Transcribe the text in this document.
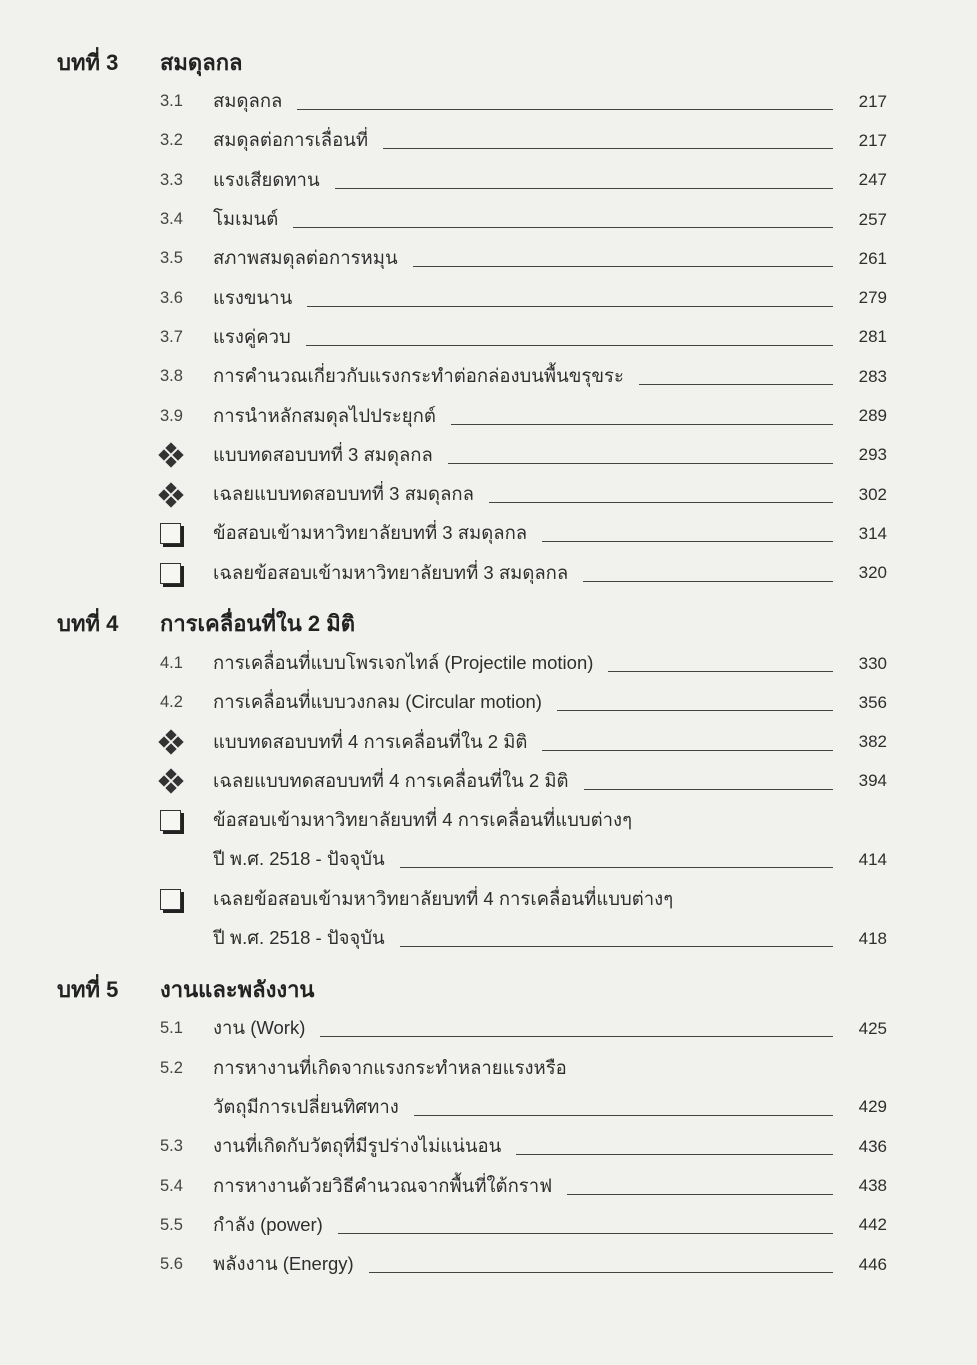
บทที่ 3	สมดุลกล
3.1	สมดุลกล	217
3.2	สมดุลต่อการเลื่อนที่	217
3.3	แรงเสียดทาน	247
3.4	โมเมนต์	257
3.5	สภาพสมดุลต่อการหมุน	261
3.6	แรงขนาน	279
3.7	แรงคู่ควบ	281
3.8	การคำนวณเกี่ยวกับแรงกระทำต่อกล่องบนพื้นขรุขระ	283
3.9	การนำหลักสมดุลไปประยุกต์	289
แบบทดสอบบทที่ 3 สมดุลกล	293
เฉลยแบบทดสอบบทที่ 3 สมดุลกล	302
ข้อสอบเข้ามหาวิทยาลัยบทที่ 3 สมดุลกล	314
เฉลยข้อสอบเข้ามหาวิทยาลัยบทที่ 3 สมดุลกล	320
บทที่ 4	การเคลื่อนที่ใน 2 มิติ
4.1	การเคลื่อนที่แบบโพรเจกไทล์ (Projectile motion)	330
4.2	การเคลื่อนที่แบบวงกลม (Circular motion)	356
แบบทดสอบบทที่ 4 การเคลื่อนที่ใน 2 มิติ	382
เฉลยแบบทดสอบบทที่ 4 การเคลื่อนที่ใน 2 มิติ	394
ข้อสอบเข้ามหาวิทยาลัยบทที่ 4 การเคลื่อนที่แบบต่างๆ
ปี พ.ศ. 2518 - ปัจจุบัน	414
เฉลยข้อสอบเข้ามหาวิทยาลัยบทที่ 4 การเคลื่อนที่แบบต่างๆ
ปี พ.ศ. 2518 - ปัจจุบัน	418
บทที่ 5	งานและพลังงาน
5.1	งาน (Work)	425
5.2	การหางานที่เกิดจากแรงกระทำหลายแรงหรือ
วัตถุมีการเปลี่ยนทิศทาง	429
5.3	งานที่เกิดกับวัตถุที่มีรูปร่างไม่แน่นอน	436
5.4	การหางานด้วยวิธีคำนวณจากพื้นที่ใต้กราฟ	438
5.5	กำลัง (power)	442
5.6	พลังงาน (Energy)	446
